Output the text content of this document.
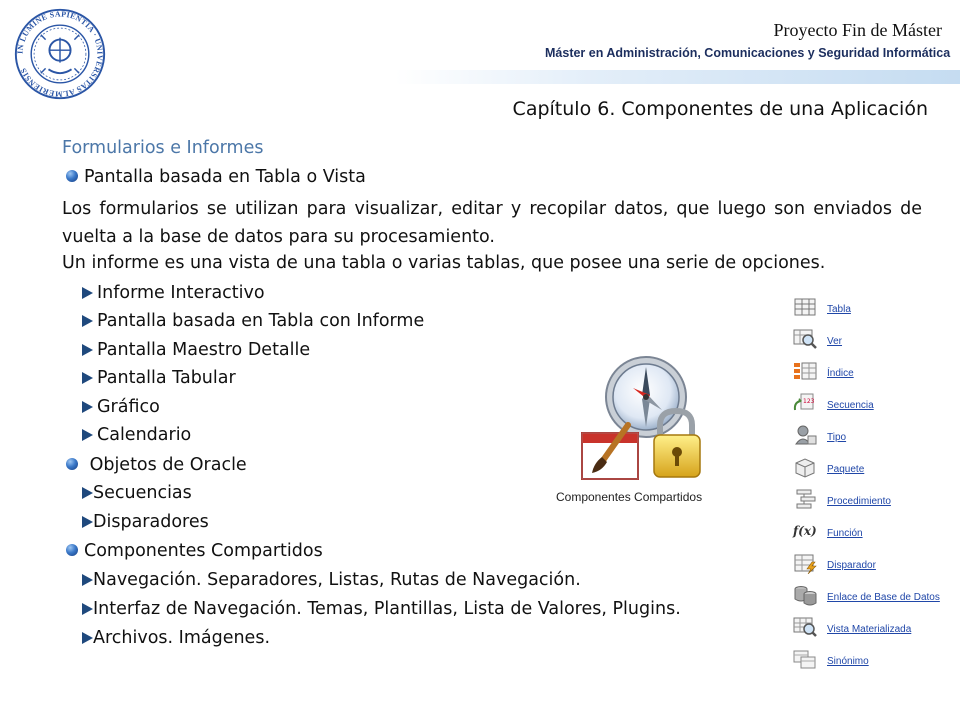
IN LUMINE SAPIENTIA · UNIVERSITAS ALMERIENSIS
Proyecto Fin de Máster
Máster en Administración, Comunicaciones y Seguridad Informática
Capítulo 6. Componentes de una Aplicación
Formularios e Informes
Pantalla basada en Tabla o Vista
Los formularios se utilizan para visualizar, editar y recopilar datos, que luego son enviados de vuelta a la base de datos para su procesamiento.
Un informe es una vista de una tabla o varias tablas, que posee una serie de opciones.
Informe Interactivo
Pantalla basada en Tabla con Informe
Pantalla Maestro Detalle
Pantalla Tabular
Gráfico
Calendario
Objetos de Oracle
Secuencias
Disparadores
Componentes Compartidos
Navegación. Separadores, Listas, Rutas de Navegación.
Interfaz de Navegación. Temas, Plantillas, Lista de Valores, Plugins.
Archivos. Imágenes.
Componentes Compartidos
Tabla
Ver
Índice
123 Secuencia
Tipo
Paquete
Procedimiento
f(x) Función
Disparador
Enlace de Base de Datos
Vista Materializada
Sinónimo
